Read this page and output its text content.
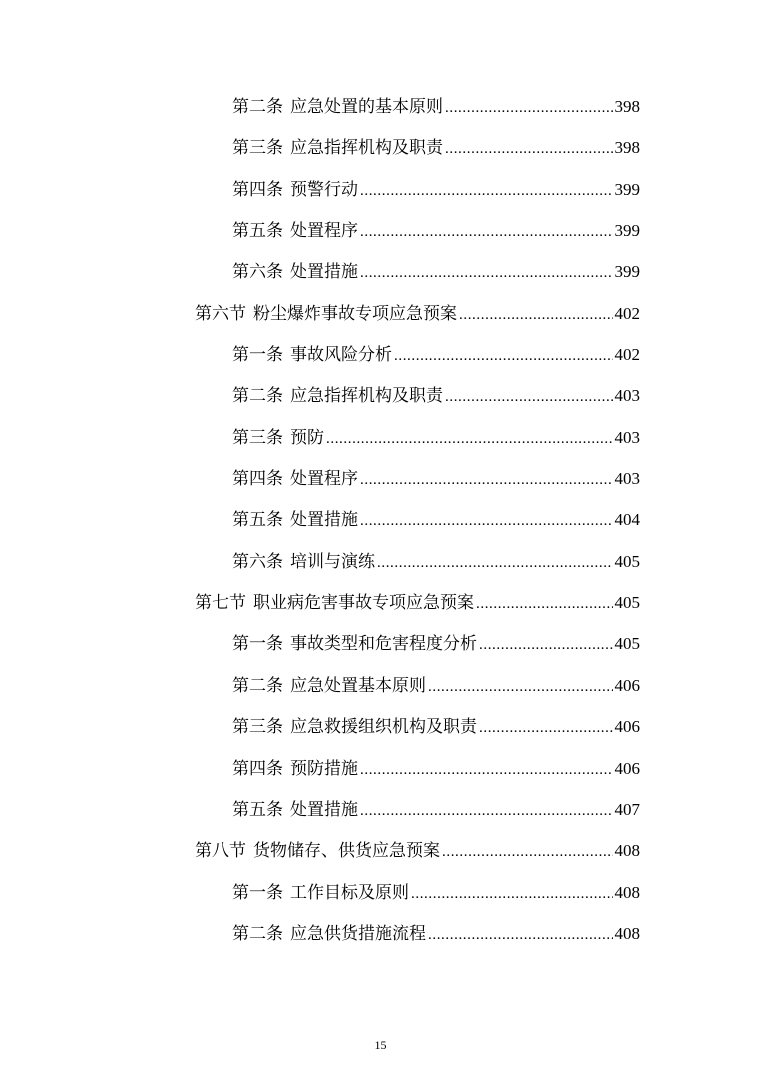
第二条 应急处置的基本原则 .....	398
第三条 应急指挥机构及职责 .....	398
第四条 预警行动 .....	399
第五条 处置程序 .....	399
第六条 处置措施 .....	399
第六节 粉尘爆炸事故专项应急预案 .....	402
第一条 事故风险分析 .....	402
第二条 应急指挥机构及职责 .....	403
第三条 预防 .....	403
第四条 处置程序 .....	403
第五条 处置措施 .....	404
第六条 培训与演练 .....	405
第七节 职业病危害事故专项应急预案 .....	405
第一条 事故类型和危害程度分析 .....	405
第二条 应急处置基本原则 .....	406
第三条 应急救援组织机构及职责 .....	406
第四条 预防措施 .....	406
第五条 处置措施 .....	407
第八节 货物储存、供货应急预案 .....	408
第一条 工作目标及原则 .....	408
第二条 应急供货措施流程 .....	408
15
